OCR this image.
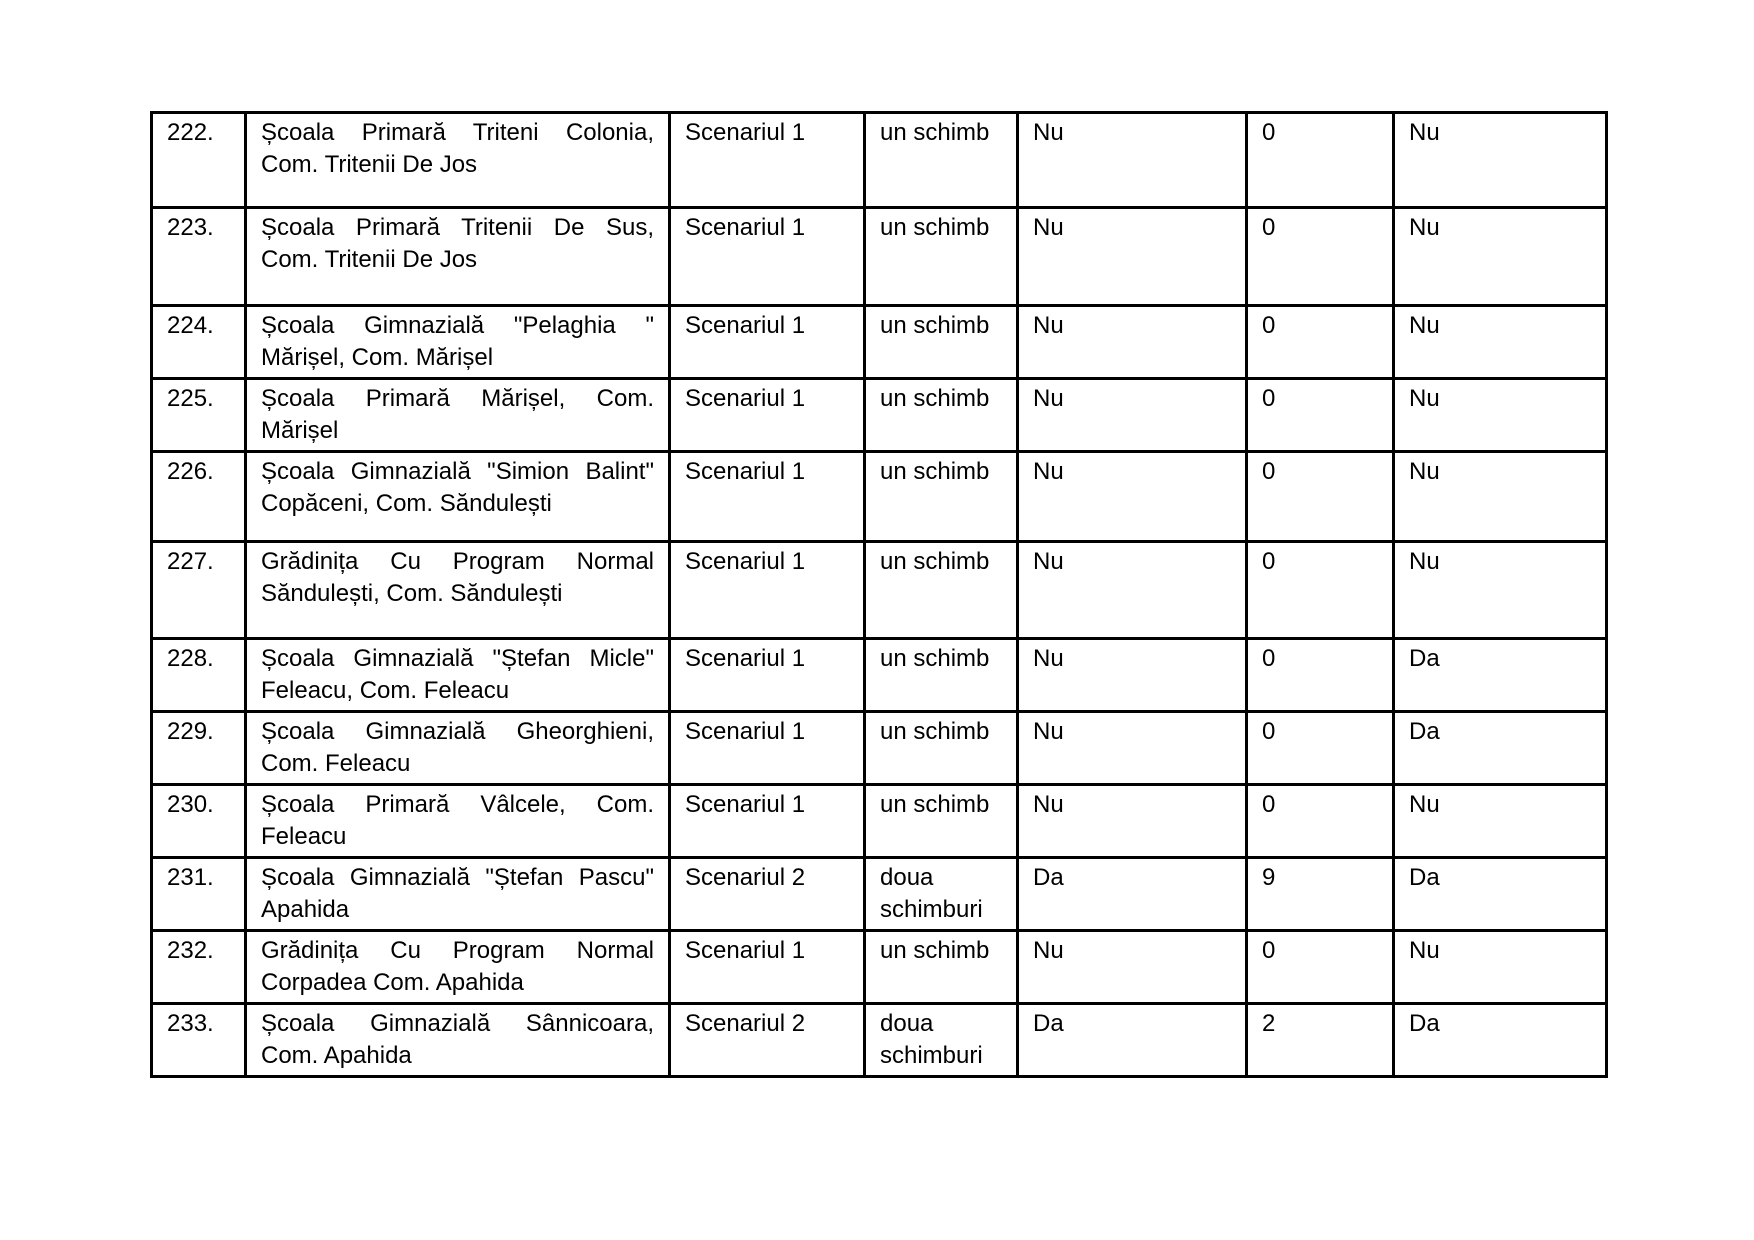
222.	Școala Primară Triteni Colonia, Com. Tritenii De Jos	Scenariul 1	un schimb	Nu	0	Nu
223.	Școala Primară Tritenii De Sus, Com. Tritenii De Jos	Scenariul 1	un schimb	Nu	0	Nu
224.	Școala Gimnazială "Pelaghia " Mărișel, Com. Mărișel	Scenariul 1	un schimb	Nu	0	Nu
225.	Școala Primară Mărișel, Com. Mărișel	Scenariul 1	un schimb	Nu	0	Nu
226.	Școala Gimnazială "Simion Balint" Copăceni, Com. Săndulești	Scenariul 1	un schimb	Nu	0	Nu
227.	Grădinița Cu Program Normal Săndulești, Com. Săndulești	Scenariul 1	un schimb	Nu	0	Nu
228.	Școala Gimnazială "Ștefan Micle" Feleacu, Com. Feleacu	Scenariul 1	un schimb	Nu	0	Da
229.	Școala Gimnazială Gheorghieni, Com. Feleacu	Scenariul 1	un schimb	Nu	0	Da
230.	Școala Primară Vâlcele, Com. Feleacu	Scenariul 1	un schimb	Nu	0	Nu
231.	Școala Gimnazială "Ștefan Pascu" Apahida	Scenariul 2	doua schimburi	Da	9	Da
232.	Grădinița Cu Program Normal Corpadea Com. Apahida	Scenariul 1	un schimb	Nu	0	Nu
233.	Școala Gimnazială Sânnicoara, Com. Apahida	Scenariul 2	doua schimburi	Da	2	Da
